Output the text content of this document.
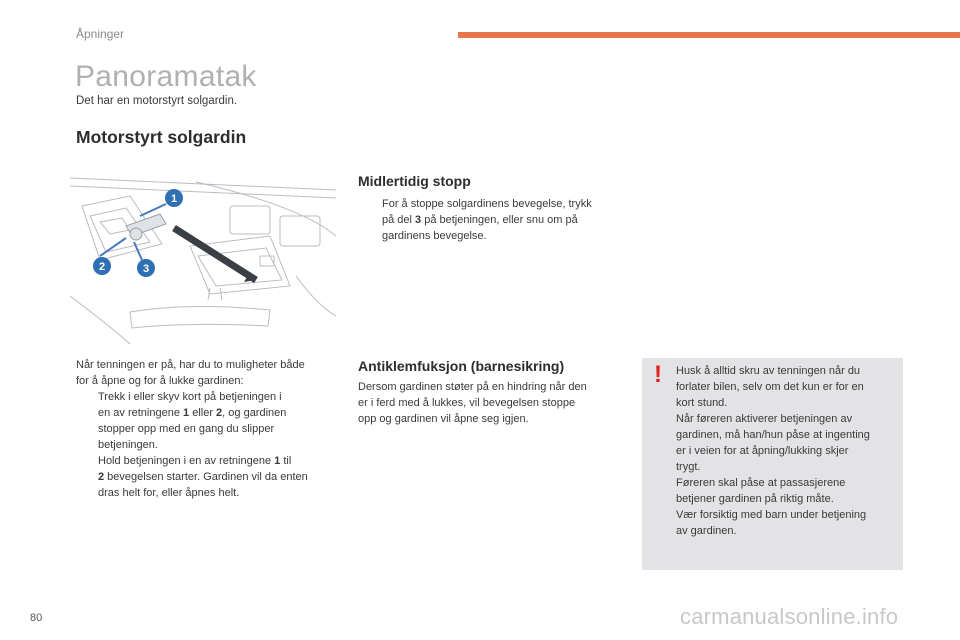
Åpninger
Panoramatak
Det har en motorstyrt solgardin.
Motorstyrt solgardin
1
2	3
Når tenningen er på, har du to muligheter både
for å åpne og for å lukke gardinen:
Trekk i eller skyv kort på betjeningen i
en av retningene 1 eller 2, og gardinen
stopper opp med en gang du slipper
betjeningen.
Hold betjeningen i en av retningene 1 til
2 bevegelsen starter. Gardinen vil da enten
dras helt for, eller åpnes helt.
Midlertidig stopp
For å stoppe solgardinens bevegelse, trykk
på del 3 på betjeningen, eller snu om på
gardinens bevegelse.
Antiklemfuksjon (barnesikring)
Dersom gardinen støter på en hindring når den
er i ferd med å lukkes, vil bevegelsen stoppe
opp og gardinen vil åpne seg igjen.
! Husk å alltid skru av tenningen når du
forlater bilen, selv om det kun er for en
kort stund.
Når føreren aktiverer betjeningen av
gardinen, må han/hun påse at ingenting
er i veien for at åpning/lukking skjer
trygt.
Føreren skal påse at passasjerene
betjener gardinen på riktig måte.
Vær forsiktig med barn under betjening
av gardinen.
80	carmanualsonline.info
